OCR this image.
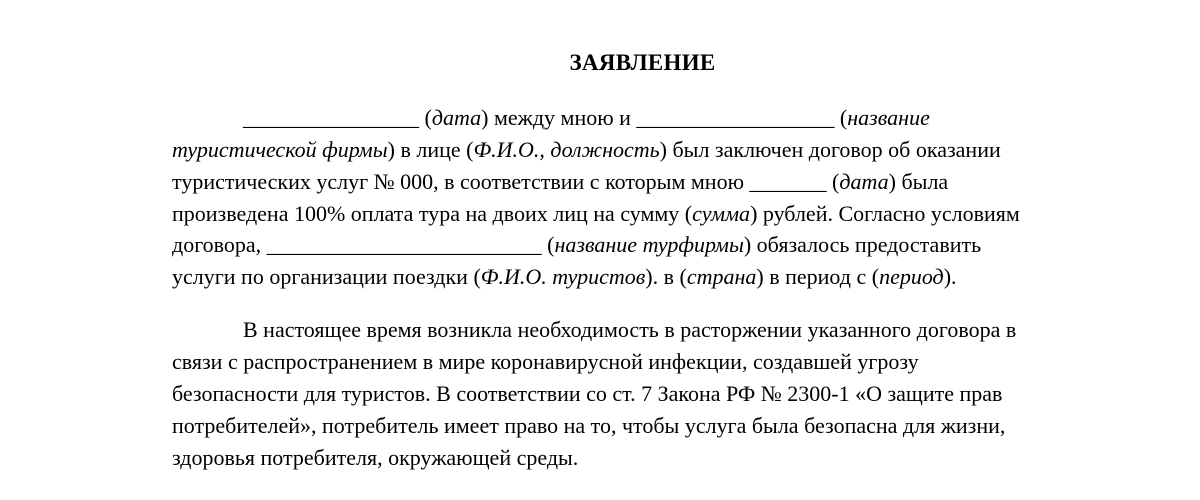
ЗАЯВЛЕНИЕ
________________ (дата) между мною и __________________ (название
туристической фирмы) в лице (Ф.И.О., должность) был заключен договор об оказании
туристических услуг № 000, в соответствии с которым мною _______ (дата) была
произведена 100% оплата тура на двоих лиц на сумму (сумма) рублей. Согласно условиям
договора, _________________________ (название турфирмы) обязалось предоставить
услуги по организации поездки (Ф.И.О. туристов). в (страна) в период с (период).
В настоящее время возникла необходимость в расторжении указанного договора в
связи с распространением в мире коронавирусной инфекции, создавшей угрозу
безопасности для туристов. В соответствии со ст. 7 Закона РФ № 2300-1 «О защите прав
потребителей», потребитель имеет право на то, чтобы услуга была безопасна для жизни,
здоровья потребителя, окружающей среды.
